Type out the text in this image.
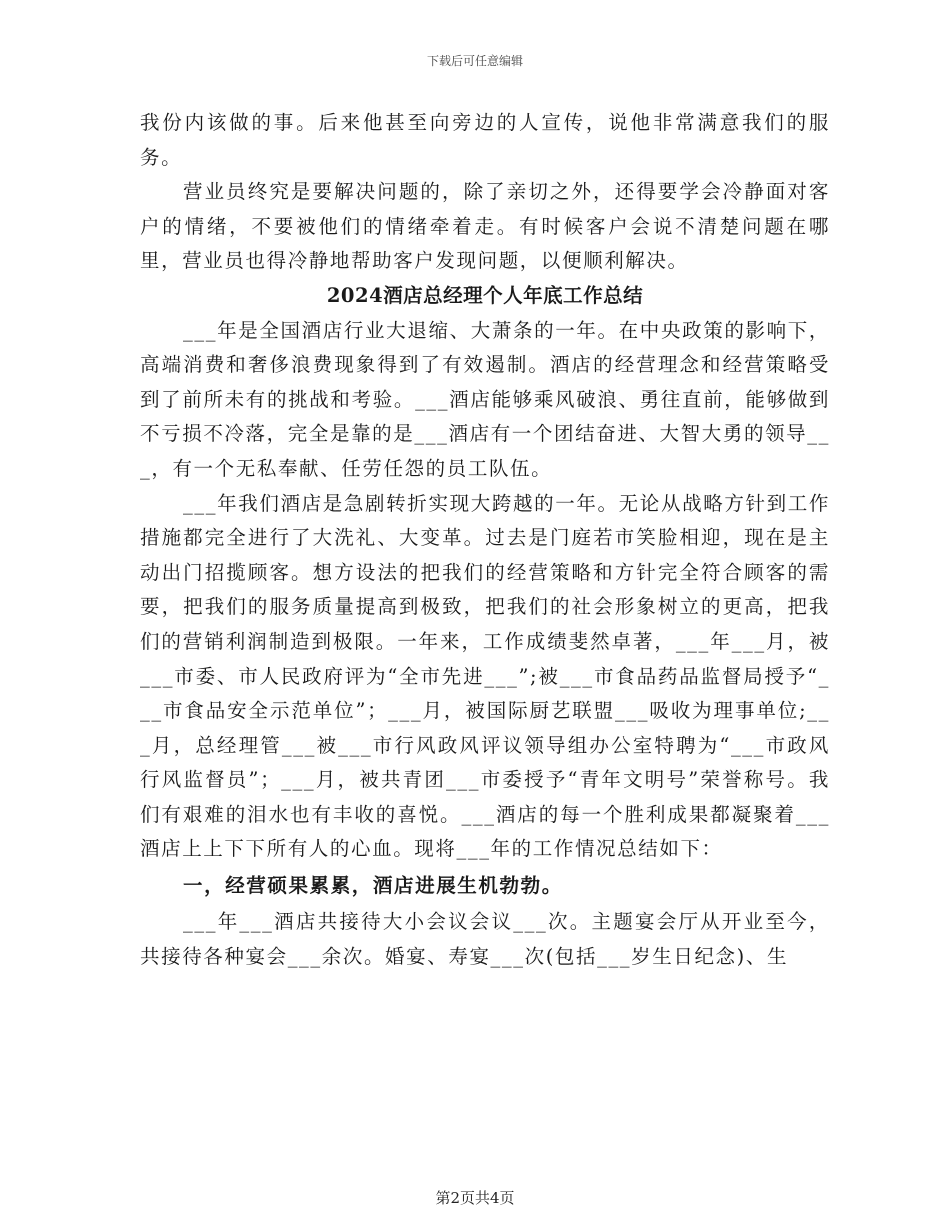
下载后可任意编辑

我份内该做的事。后来他甚至向旁边的人宣传，说他非常满意我们的服务。

营业员终究是要解决问题的，除了亲切之外，还得要学会冷静面对客户的情绪，不要被他们的情绪牵着走。有时候客户会说不清楚问题在哪里，营业员也得冷静地帮助客户发现问题，以便顺利解决。

2024酒店总经理个人年底工作总结

___年是全国酒店行业大退缩、大萧条的一年。在中央政策的影响下，高端消费和奢侈浪费现象得到了有效遏制。酒店的经营理念和经营策略受到了前所未有的挑战和考验。___酒店能够乘风破浪、勇往直前，能够做到不亏损不冷落，完全是靠的是___酒店有一个团结奋进、大智大勇的领导___，有一个无私奉献、任劳任怨的员工队伍。

___年我们酒店是急剧转折实现大跨越的一年。无论从战略方针到工作措施都完全进行了大洗礼、大变革。过去是门庭若市笑脸相迎，现在是主动出门招揽顾客。想方设法的把我们的经营策略和方针完全符合顾客的需要，把我们的服务质量提高到极致，把我们的社会形象树立的更高，把我们的营销利润制造到极限。一年来，工作成绩斐然卓著，___年___月，被___市委、市人民政府评为“全市先进___”;被___市食品药品监督局授予“___市食品安全示范单位”；___月，被国际厨艺联盟___吸收为理事单位;___月，总经理管___被___市行风政风评议领导组办公室特聘为“___市政风行风监督员”；___月，被共青团___市委授予“青年文明号”荣誉称号。我们有艰难的泪水也有丰收的喜悦。___酒店的每一个胜利成果都凝聚着___酒店上上下下所有人的心血。现将___年的工作情况总结如下：

一，经营硕果累累，酒店进展生机勃勃。

___年___酒店共接待大小会议会议___次。主题宴会厅从开业至今，共接待各种宴会___余次。婚宴、寿宴___次(包括___岁生日纪念)、生

第2页共4页
